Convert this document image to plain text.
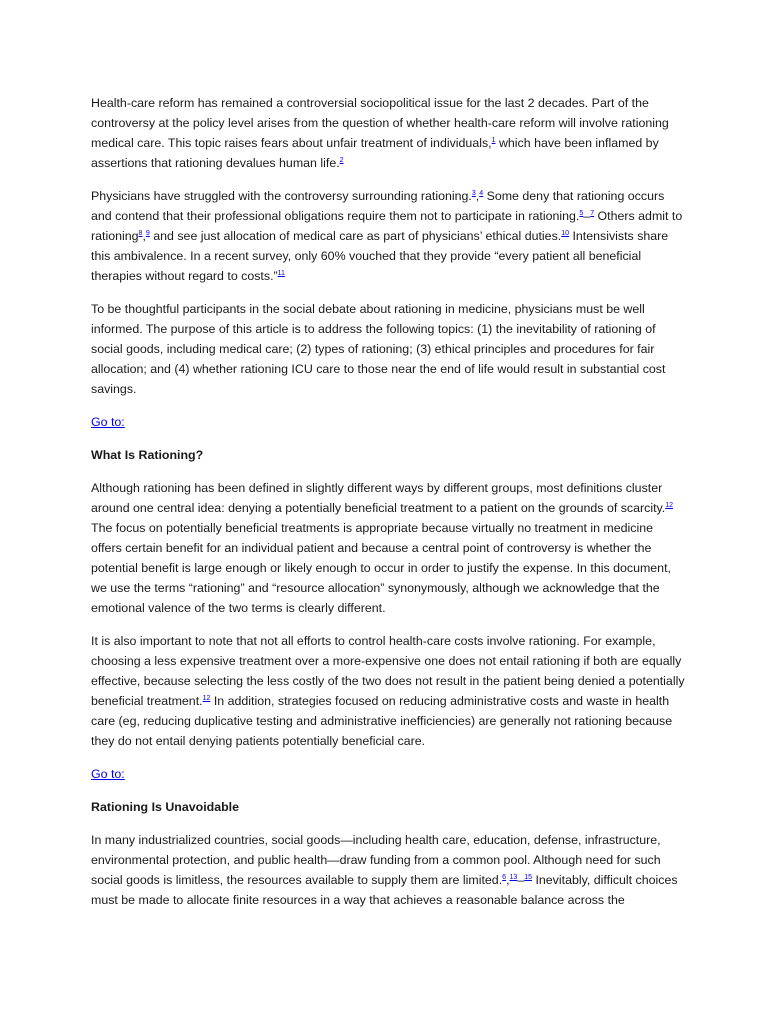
Health-care reform has remained a controversial sociopolitical issue for the last 2 decades. Part of the controversy at the policy level arises from the question of whether health-care reform will involve rationing medical care. This topic raises fears about unfair treatment of individuals,$^1$ which have been inflamed by assertions that rationing devalues human life.$^2$

Physicians have struggled with the controversy surrounding rationing.$^3$,$^4$ Some deny that rationing occurs and contend that their professional obligations require them not to participate in rationing.$^5$–$^7$ Others admit to rationing$^8$,$^9$ and see just allocation of medical care as part of physicians’ ethical duties.$^{10}$ Intensivists share this ambivalence. In a recent survey, only 60% vouched that they provide “every patient all beneficial therapies without regard to costs.”$^{11}$

To be thoughtful participants in the social debate about rationing in medicine, physicians must be well informed. The purpose of this article is to address the following topics: (1) the inevitability of rationing of social goods, including medical care; (2) types of rationing; (3) ethical principles and procedures for fair allocation; and (4) whether rationing ICU care to those near the end of life would result in substantial cost savings.

Go to:

What Is Rationing?

Although rationing has been defined in slightly different ways by different groups, most definitions cluster around one central idea: denying a potentially beneficial treatment to a patient on the grounds of scarcity.$^{12}$ The focus on potentially beneficial treatments is appropriate because virtually no treatment in medicine offers certain benefit for an individual patient and because a central point of controversy is whether the potential benefit is large enough or likely enough to occur in order to justify the expense. In this document, we use the terms “rationing” and “resource allocation” synonymously, although we acknowledge that the emotional valence of the two terms is clearly different.

It is also important to note that not all efforts to control health-care costs involve rationing. For example, choosing a less expensive treatment over a more-expensive one does not entail rationing if both are equally effective, because selecting the less costly of the two does not result in the patient being denied a potentially beneficial treatment.$^{12}$ In addition, strategies focused on reducing administrative costs and waste in health care (eg, reducing duplicative testing and administrative inefficiencies) are generally not rationing because they do not entail denying patients potentially beneficial care.

Go to:

Rationing Is Unavoidable

In many industrialized countries, social goods—including health care, education, defense, infrastructure, environmental protection, and public health—draw funding from a common pool. Although need for such social goods is limitless, the resources available to supply them are limited.$^6$,$^{13}$–$^{15}$ Inevitably, difficult choices must be made to allocate finite resources in a way that achieves a reasonable balance across the
